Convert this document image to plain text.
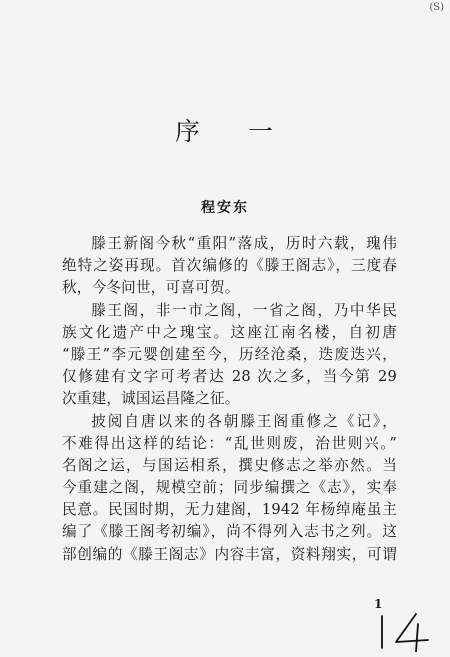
(S)
序 一
程安东
滕王新阁今秋“重阳”落成，历时六载，瑰伟
绝特之姿再现。首次编修的《滕王阁志》，三度春
秋，今冬问世，可喜可贺。
滕王阁，非一市之阁，一省之阁，乃中华民
族文化遗产中之瑰宝。这座江南名楼，自初唐
“滕王”李元婴创建至今，历经沧桑，迭废迭兴，
仅修建有文字可考者达 28 次之多，当今第 29
次重建，诚国运昌隆之征。
披阅自唐以来的各朝滕王阁重修之《记》，
不难得出这样的结论：“乱世则废，治世则兴。”
名阁之运，与国运相系，撰史修志之举亦然。当
今重建之阁，规模空前；同步编撰之《志》，实奉
民意。民国时期，无力建阁，1942 年杨绰庵虽主
编了《滕王阁考初编》，尚不得列入志书之列。这
部创编的《滕王阁志》内容丰富，资料翔实，可谓
1
